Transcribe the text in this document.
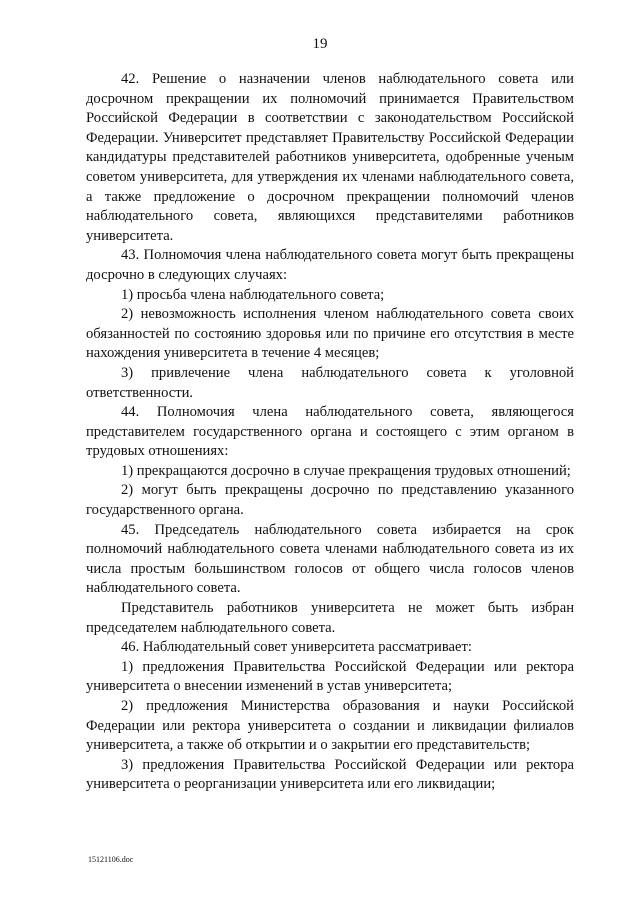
19

42. Решение о назначении членов наблюдательного совета или досрочном прекращении их полномочий принимается Правительством Российской Федерации в соответствии с законодательством Российской Федерации. Университет представляет Правительству Российской Федерации кандидатуры представителей работников университета, одобренные ученым советом университета, для утверждения их членами наблюдательного совета, а также предложение о досрочном прекращении полномочий членов наблюдательного совета, являющихся представителями работников университета.

43. Полномочия члена наблюдательного совета могут быть прекращены досрочно в следующих случаях:

1) просьба члена наблюдательного совета;

2) невозможность исполнения членом наблюдательного совета своих обязанностей по состоянию здоровья или по причине его отсутствия в месте нахождения университета в течение 4 месяцев;

3) привлечение члена наблюдательного совета к уголовной ответственности.

44. Полномочия члена наблюдательного совета, являющегося представителем государственного органа и состоящего с этим органом в трудовых отношениях:

1) прекращаются досрочно в случае прекращения трудовых отношений;

2) могут быть прекращены досрочно по представлению указанного государственного органа.

45. Председатель наблюдательного совета избирается на срок полномочий наблюдательного совета членами наблюдательного совета из их числа простым большинством голосов от общего числа голосов членов наблюдательного совета.

Представитель работников университета не может быть избран председателем наблюдательного совета.

46. Наблюдательный совет университета рассматривает:

1) предложения Правительства Российской Федерации или ректора университета о внесении изменений в устав университета;

2) предложения Министерства образования и науки Российской Федерации или ректора университета о создании и ликвидации филиалов университета, а также об открытии и о закрытии его представительств;

3) предложения Правительства Российской Федерации или ректора университета о реорганизации университета или его ликвидации;

15121106.doc
